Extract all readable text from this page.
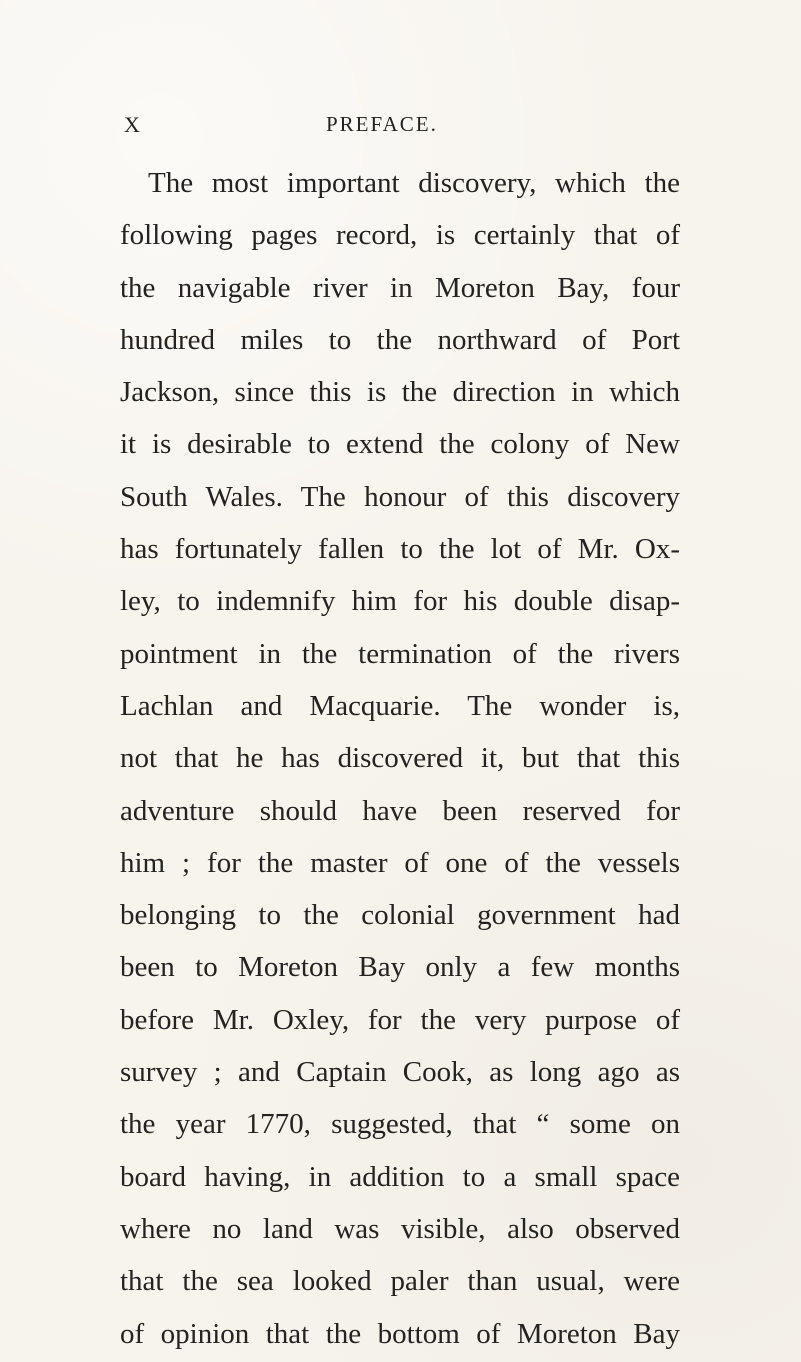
X	PREFACE.

The most important discovery, which the

following pages record, is certainly that of

the navigable river in Moreton Bay, four

hundred miles to the northward of Port

Jackson, since this is the direction in which

it is desirable to extend the colony of New

South Wales. The honour of this discovery

has fortunately fallen to the lot of Mr. Ox-

ley, to indemnify him for his double disap-

pointment in the termination of the rivers

Lachlan and Macquarie. The wonder is,

not that he has discovered it, but that this

adventure should have been reserved for

him ; for the master of one of the vessels

belonging to the colonial government had

been to Moreton Bay only a few months

before Mr. Oxley, for the very purpose of

survey ; and Captain Cook, as long ago as

the year 1770, suggested, that “ some on

board having, in addition to a small space

where no land was visible, also observed

that the sea looked paler than usual, were

of opinion that the bottom of Moreton Bay
